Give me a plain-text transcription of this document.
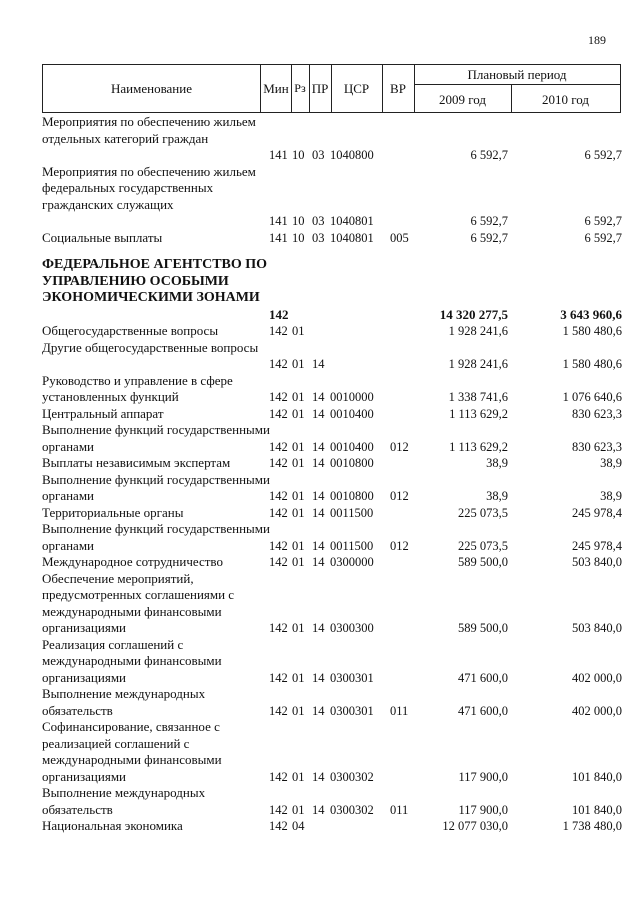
189
Наименование	Мин Рз ПР	ЦСР	ВР
Плановый период
2009 год	2010 год
Мероприятия по обеспечению жильем отдельных категорий граждан
141 10 03 1040800	6 592,7	6 592,7
Мероприятия по обеспечению жильем федеральных государственных гражданских служащих
141 10 03 1040801	6 592,7	6 592,7
Социальные выплаты	141 10 03 1040801 005	6 592,7	6 592,7
ФЕДЕРАЛЬНОЕ АГЕНТСТВО ПО УПРАВЛЕНИЮ ОСОБЫМИ ЭКОНОМИЧЕСКИМИ ЗОНАМИ
142	14 320 277,5	3 643 960,6
Общегосударственные вопросы	142 01	1 928 241,6	1 580 480,6
Другие общегосударственные вопросы
142 01 14	1 928 241,6	1 580 480,6
Руководство и управление в сфере установленных функций	142 01 14 0010000	1 338 741,6	1 076 640,6
Центральный аппарат	142 01 14 0010400	1 113 629,2	830 623,3
Выполнение функций государственными органами	142 01 14 0010400 012	1 113 629,2	830 623,3
Выплаты независимым экспертам	142 01 14 0010800	38,9	38,9
Выполнение функций государственными органами	142 01 14 0010800 012	38,9	38,9
Территориальные органы	142 01 14 0011500	225 073,5	245 978,4
Выполнение функций государственными органами	142 01 14 0011500 012	225 073,5	245 978,4
Международное сотрудничество	142 01 14 0300000	589 500,0	503 840,0
Обеспечение мероприятий, предусмотренных соглашениями с международными финансовыми организациями	142 01 14 0300300	589 500,0	503 840,0
Реализация соглашений с международными финансовыми организациями	142 01 14 0300301	471 600,0	402 000,0
Выполнение международных обязательств	142 01 14 0300301 011	471 600,0	402 000,0
Софинансирование, связанное с реализацией соглашений с международными финансовыми организациями	142 01 14 0300302	117 900,0	101 840,0
Выполнение международных обязательств	142 01 14 0300302 011	117 900,0	101 840,0
Национальная экономика	142 04	12 077 030,0	1 738 480,0
